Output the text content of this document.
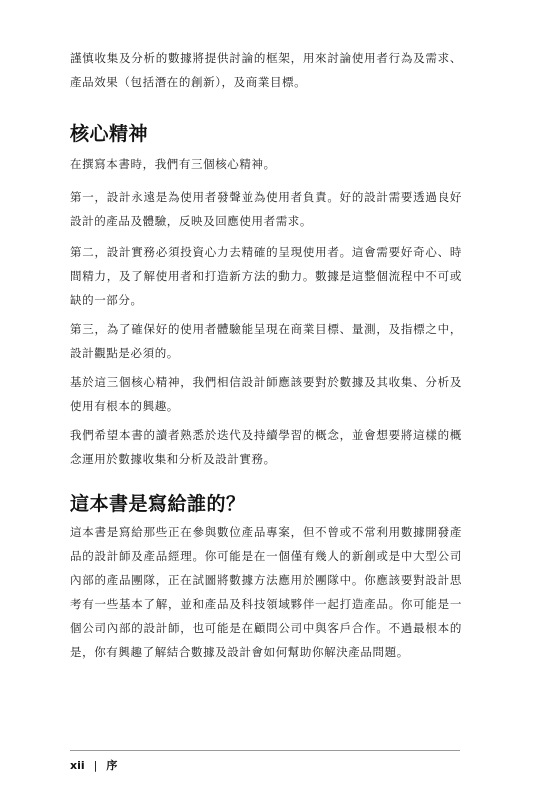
謹慎收集及分析的數據將提供討論的框架，用來討論使用者行為及需求、產品效果（包括潛在的創新），及商業目標。

核心精神

在撰寫本書時，我們有三個核心精神。

第一，設計永遠是為使用者發聲並為使用者負責。好的設計需要透過良好設計的產品及體驗，反映及回應使用者需求。

第二，設計實務必須投資心力去精確的呈現使用者。這會需要好奇心、時間精力，及了解使用者和打造新方法的動力。數據是這整個流程中不可或缺的一部分。

第三，為了確保好的使用者體驗能呈現在商業目標、量測，及指標之中，設計觀點是必須的。

基於這三個核心精神，我們相信設計師應該要對於數據及其收集、分析及使用有根本的興趣。

我們希望本書的讀者熟悉於迭代及持續學習的概念，並會想要將這樣的概念運用於數據收集和分析及設計實務。

這本書是寫給誰的？

這本書是寫給那些正在參與數位產品專案，但不曾或不常利用數據開發產品的設計師及產品經理。你可能是在一個僅有幾人的新創或是中大型公司內部的產品團隊，正在試圖將數據方法應用於團隊中。你應該要對設計思考有一些基本了解，並和產品及科技領域夥伴一起打造產品。你可能是一個公司內部的設計師，也可能是在顧問公司中與客戶合作。不過最根本的是，你有興趣了解結合數據及設計會如何幫助你解決產品問題。

xii | 序
